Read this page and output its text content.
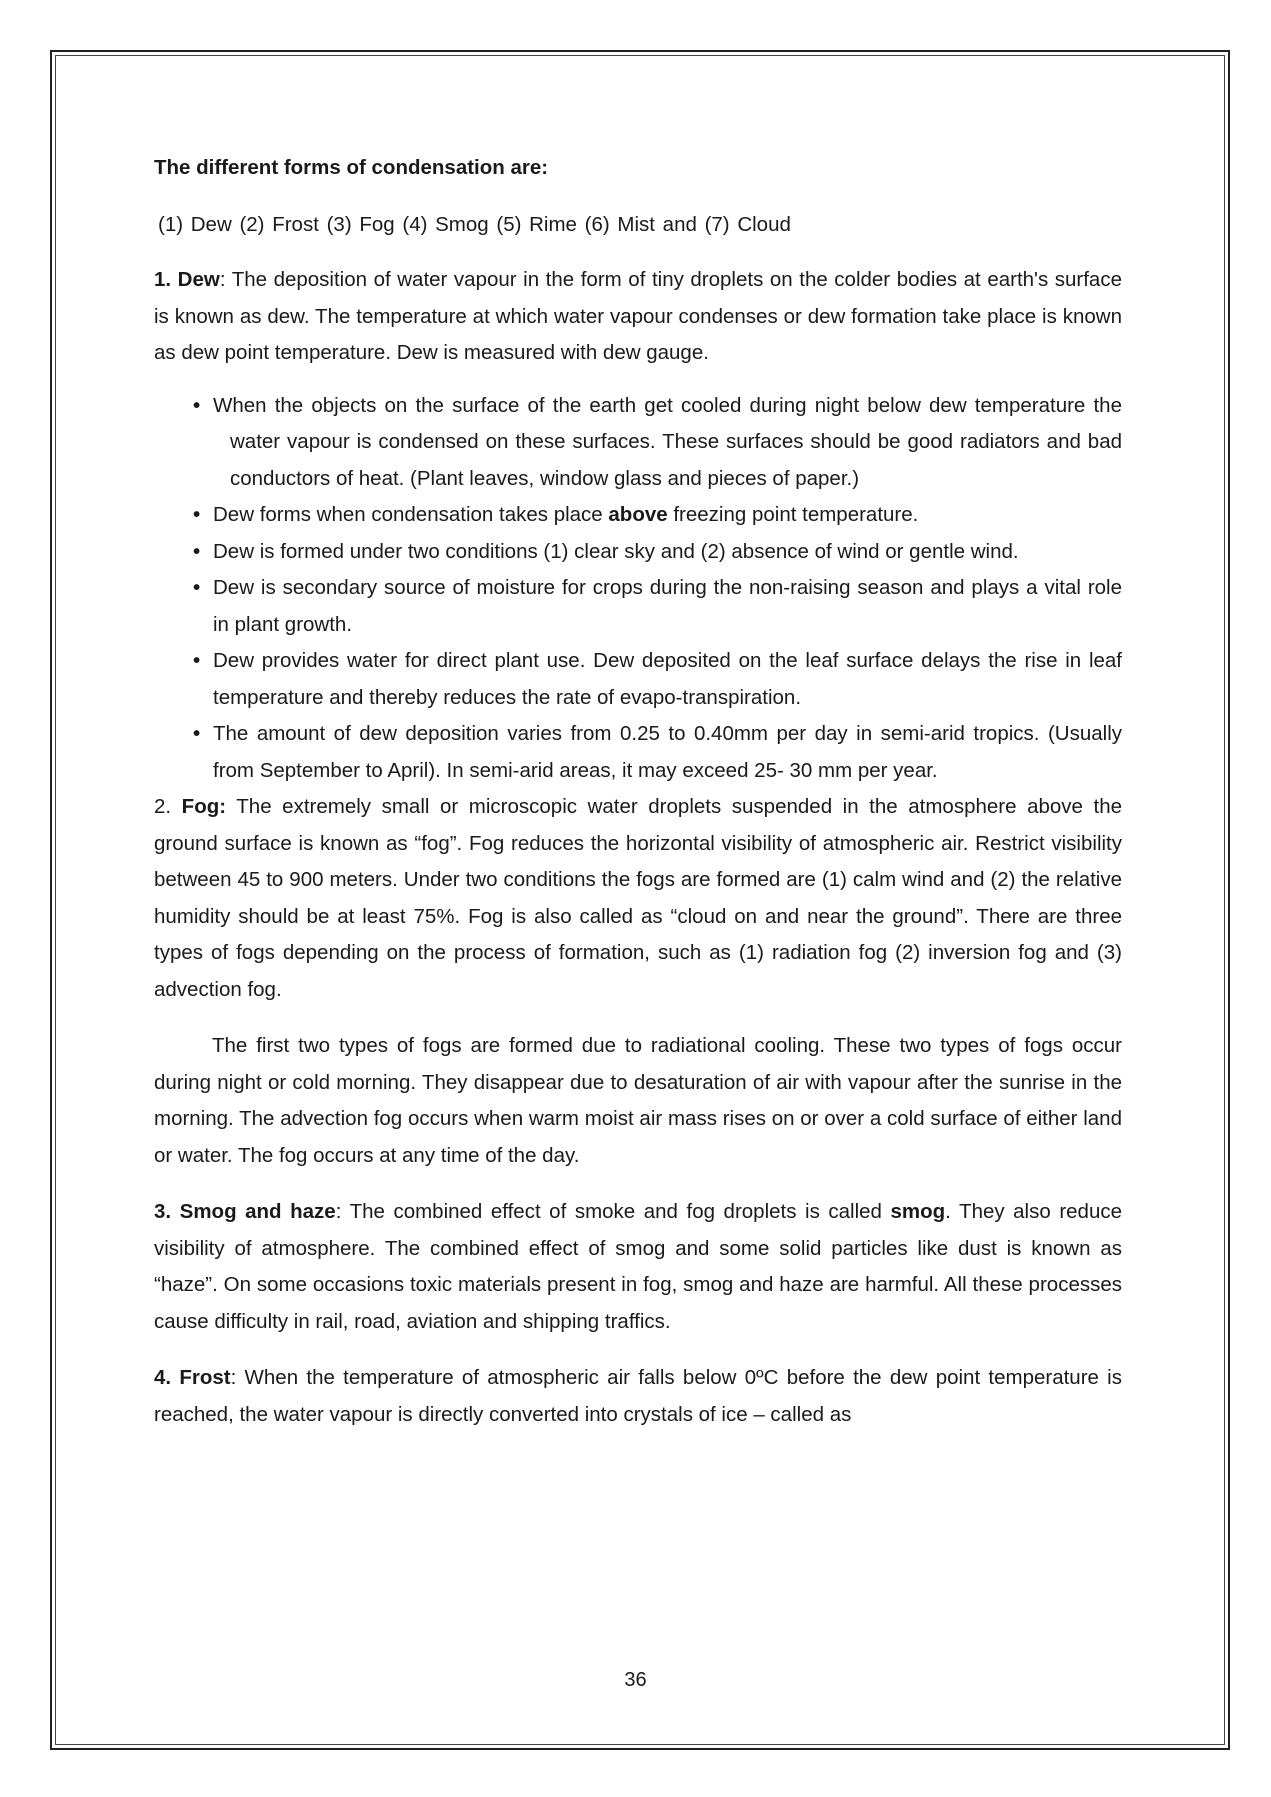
The different forms of condensation are:

(1) Dew (2) Frost (3) Fog (4) Smog (5) Rime (6) Mist and (7) Cloud

1. Dew: The deposition of water vapour in the form of tiny droplets on the colder bodies at earth's surface is known as dew. The temperature at which water vapour condenses or dew formation take place is known as dew point temperature. Dew is measured with dew gauge.

• When the objects on the surface of the earth get cooled during night below dew temperature the water vapour is condensed on these surfaces. These surfaces should be good radiators and bad conductors of heat. (Plant leaves, window glass and pieces of paper.)
• Dew forms when condensation takes place above freezing point temperature.
• Dew is formed under two conditions (1) clear sky and (2) absence of wind or gentle wind.
• Dew is secondary source of moisture for crops during the non-raising season and plays a vital role in plant growth.
• Dew provides water for direct plant use. Dew deposited on the leaf surface delays the rise in leaf temperature and thereby reduces the rate of evapo-transpiration.
• The amount of dew deposition varies from 0.25 to 0.40mm per day in semi-arid tropics. (Usually from September to April). In semi-arid areas, it may exceed 25- 30 mm per year.

2. Fog: The extremely small or microscopic water droplets suspended in the atmosphere above the ground surface is known as “fog”. Fog reduces the horizontal visibility of atmospheric air. Restrict visibility between 45 to 900 meters. Under two conditions the fogs are formed are (1) calm wind and (2) the relative humidity should be at least 75%. Fog is also called as “cloud on and near the ground”. There are three types of fogs depending on the process of formation, such as (1) radiation fog (2) inversion fog and (3) advection fog.

The first two types of fogs are formed due to radiational cooling. These two types of fogs occur during night or cold morning. They disappear due to desaturation of air with vapour after the sunrise in the morning. The advection fog occurs when warm moist air mass rises on or over a cold surface of either land or water. The fog occurs at any time of the day.

3. Smog and haze: The combined effect of smoke and fog droplets is called smog. They also reduce visibility of atmosphere. The combined effect of smog and some solid particles like dust is known as “haze”. On some occasions toxic materials present in fog, smog and haze are harmful. All these processes cause difficulty in rail, road, aviation and shipping traffics.

4. Frost: When the temperature of atmospheric air falls below 0ºC before the dew point temperature is reached, the water vapour is directly converted into crystals of ice – called as

36
